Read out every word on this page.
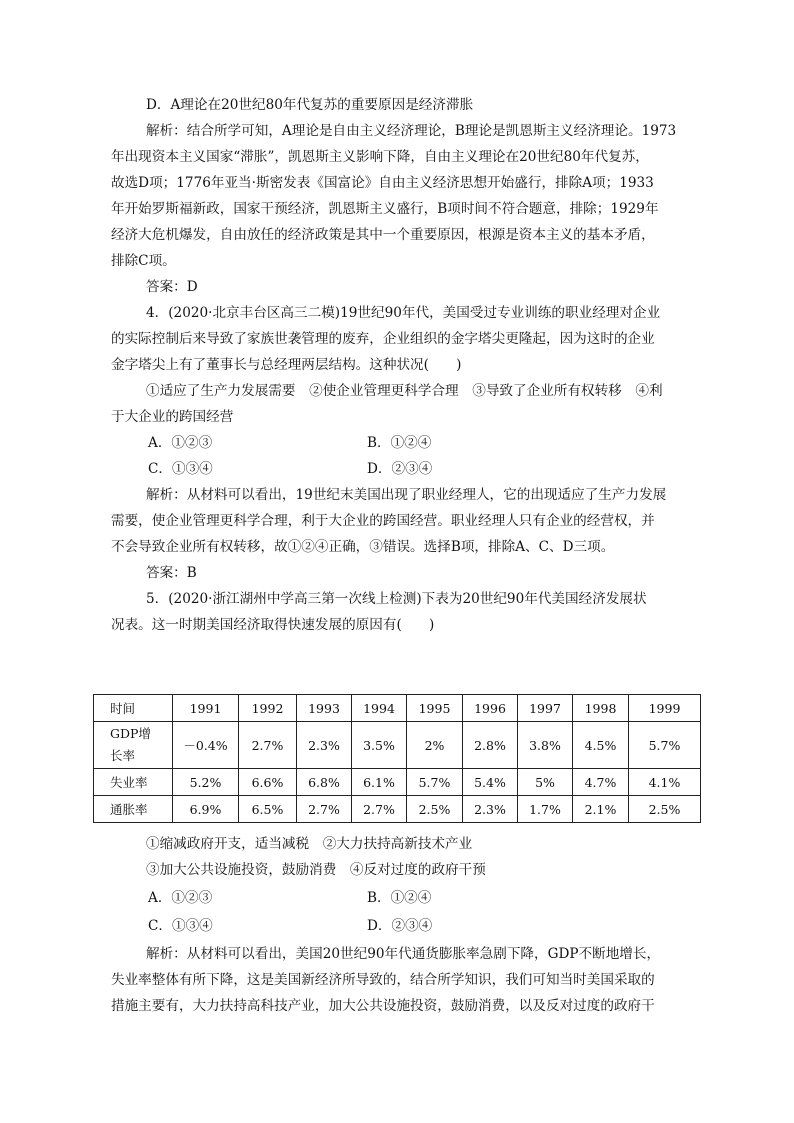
D．A理论在20世纪80年代复苏的重要原因是经济滞胀
解析：结合所学可知，A理论是自由主义经济理论，B理论是凯恩斯主义经济理论。1973
年出现资本主义国家“滞胀”，凯恩斯主义影响下降，自由主义理论在20世纪80年代复苏，
故选D项；1776年亚当·斯密发表《国富论》自由主义经济思想开始盛行，排除A项；1933
年开始罗斯福新政，国家干预经济，凯恩斯主义盛行，B项时间不符合题意，排除；1929年
经济大危机爆发，自由放任的经济政策是其中一个重要原因，根源是资本主义的基本矛盾，
排除C项。
答案：D
4．(2020·北京丰台区高三二模)19世纪90年代，美国受过专业训练的职业经理对企业
的实际控制后来导致了家族世袭管理的废弃，企业组织的金字塔尖更隆起，因为这时的企业
金字塔尖上有了董事长与总经理两层结构。这种状况(　　)
①适应了生产力发展需要　②使企业管理更科学合理　③导致了企业所有权转移　④利
于大企业的跨国经营
A．①②③	B．①②④
C．①③④	D．②③④
解析：从材料可以看出，19世纪末美国出现了职业经理人，它的出现适应了生产力发展
需要，使企业管理更科学合理，利于大企业的跨国经营。职业经理人只有企业的经营权，并
不会导致企业所有权转移，故①②④正确，③错误。选择B项，排除A、C、D三项。
答案：B
5．(2020·浙江湖州中学高三第一次线上检测)下表为20世纪90年代美国经济发展状
况表。这一时期美国经济取得快速发展的原因有(　　)
时间	1991	1992	1993	1994	1995	1996	1997	1998	1999

GDP增
长率	－0.4%	2.7%	2.3%	3.5%	2%	2.8%	3.8%	4.5%	5.7%
失业率	5.2%	6.6%	6.8%	6.1%	5.7%	5.4%	5%	4.7%	4.1%
通胀率	6.9%	6.5%	2.7%	2.7%	2.5%	2.3%	1.7%	2.1%	2.5%
①缩减政府开支，适当减税　②大力扶持高新技术产业
③加大公共设施投资，鼓励消费　④反对过度的政府干预
A．①②③	B．①②④
C．①③④	D．②③④
解析：从材料可以看出，美国20世纪90年代通货膨胀率急剧下降，GDP不断地增长，
失业率整体有所下降，这是美国新经济所导致的，结合所学知识，我们可知当时美国采取的
措施主要有，大力扶持高科技产业，加大公共设施投资，鼓励消费，以及反对过度的政府干
